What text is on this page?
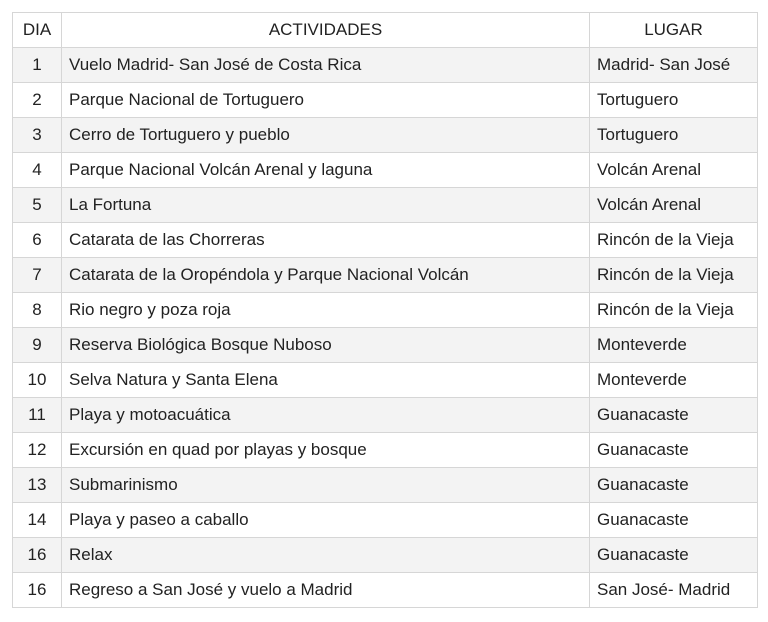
DIA	ACTIVIDADES	LUGAR
1	Vuelo Madrid- San José de Costa Rica	Madrid- San José
2	Parque Nacional de Tortuguero	Tortuguero
3	Cerro de Tortuguero y pueblo	Tortuguero
4	Parque Nacional Volcán Arenal y laguna	Volcán Arenal
5	La Fortuna	Volcán Arenal
6	Catarata de las Chorreras	Rincón de la Vieja
7	Catarata de la Oropéndola y Parque Nacional Volcán	Rincón de la Vieja
8	Rio negro y poza roja	Rincón de la Vieja
9	Reserva Biológica Bosque Nuboso	Monteverde
10	Selva Natura y Santa Elena	Monteverde
11	Playa y motoacuática	Guanacaste
12	Excursión en quad por playas y bosque	Guanacaste
13	Submarinismo	Guanacaste
14	Playa y paseo a caballo	Guanacaste
16	Relax	Guanacaste
16	Regreso a San José y vuelo a Madrid	San José- Madrid
